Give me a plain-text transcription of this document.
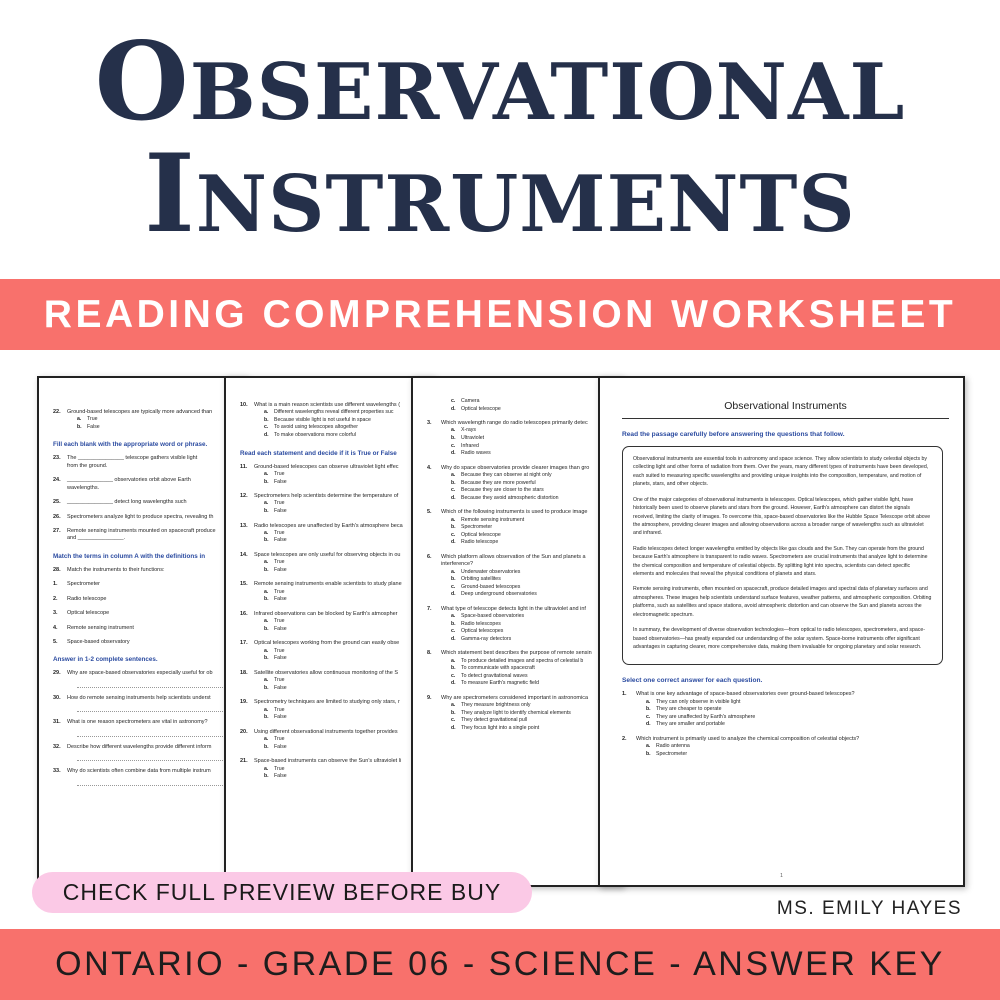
OBSERVATIONAL
INSTRUMENTS
READING COMPREHENSION WORKSHEET
22. Ground-based telescopes are typically more advanced than
a. True
b. False
Fill each blank with the appropriate word or phrase.
23. The _______________ telescope gathers visible light
from the ground.
24. _______________ observatories orbit above Earth
wavelengths.
25. _______________ detect long wavelengths such
26. Spectrometers analyze light to produce spectra, revealing th
27. Remote sensing instruments mounted on spacecraft produce
and _______________.
Match the terms in column A with the definitions in
28. Match the instruments to their functions:
1. Spectrometer
2. Radio telescope
3. Optical telescope
4. Remote sensing instrument
5. Space-based observatory
Answer in 1-2 complete sentences.
29. Why are space-based observatories especially useful for ob
30. How do remote sensing instruments help scientists underst
31. What is one reason spectrometers are vital in astronomy?
32. Describe how different wavelengths provide different inform
33. Why do scientists often combine data from multiple instrum
10. What is a main reason scientists use different wavelengths (
a. Different wavelengths reveal different properties suc
b. Because visible light is not useful in space
c. To avoid using telescopes altogether
d. To make observations more colorful
Read each statement and decide if it is True or False
11. Ground-based telescopes can observe ultraviolet light effec
a. True
b. False
12. Spectrometers help scientists determine the temperature of
a. True
b. False
13. Radio telescopes are unaffected by Earth's atmosphere beca
a. True
b. False
14. Space telescopes are only useful for observing objects in ou
a. True
b. False
15. Remote sensing instruments enable scientists to study plane
a. True
b. False
16. Infrared observations can be blocked by Earth's atmospher
a. True
b. False
17. Optical telescopes working from the ground can easily obse
a. True
b. False
18. Satellite observatories allow continuous monitoring of the S
a. True
b. False
19. Spectrometry techniques are limited to studying only stars, r
a. True
b. False
20. Using different observational instruments together provides
a. True
b. False
21. Space-based instruments can observe the Sun's ultraviolet li
a. True
b. False
c. Camera
d. Optical telescope
3. Which wavelength range do radio telescopes primarily detec
a. X-rays
b. Ultraviolet
c. Infrared
d. Radio waves
4. Why do space observatories provide clearer images than gro
a. Because they can observe at night only
b. Because they are more powerful
c. Because they are closer to the stars
d. Because they avoid atmospheric distortion
5. Which of the following instruments is used to produce image
a. Remote sensing instrument
b. Spectrometer
c. Optical telescope
d. Radio telescope
6. Which platform allows observation of the Sun and planets a
interference?
a. Underwater observatories
b. Orbiting satellites
c. Ground-based telescopes
d. Deep underground observatories
7. What type of telescope detects light in the ultraviolet and inf
a. Space-based observatories
b. Radio telescopes
c. Optical telescopes
d. Gamma-ray detectors
8. Which statement best describes the purpose of remote sensin
a. To produce detailed images and spectra of celestial b
b. To communicate with spacecraft
c. To detect gravitational waves
d. To measure Earth's magnetic field
9. Why are spectrometers considered important in astronomica
a. They measure brightness only
b. They analyze light to identify chemical elements
c. They detect gravitational pull
d. They focus light into a single point
Observational Instruments
Read the passage carefully before answering the questions that follow.

Observational instruments are essential tools in astronomy and space science. They allow scientists to study celestial objects by collecting light and other forms of radiation from them. Over the years, many different types of instruments have been developed, each suited to measuring specific wavelengths and providing unique insights into the composition, temperature, and motion of planets, stars, and other objects.

One of the major categories of observational instruments is telescopes. Optical telescopes, which gather visible light, have historically been used to observe planets and stars from the ground. However, Earth's atmosphere can distort the signals received, limiting the clarity of images. To overcome this, space-based observatories like the Hubble Space Telescope orbit above the atmosphere, providing clearer images and allowing observations across a broader range of wavelengths such as ultraviolet and infrared.

Radio telescopes detect longer wavelengths emitted by objects like gas clouds and the Sun. They can operate from the ground because Earth's atmosphere is transparent to radio waves. Spectrometers are crucial instruments that analyze light to determine the chemical composition and temperature of celestial objects. By splitting light into spectra, scientists can detect specific elements and molecules that reveal the physical conditions of planets and stars.

Remote sensing instruments, often mounted on spacecraft, produce detailed images and spectral data of planetary surfaces and atmospheres. These images help scientists understand surface features, weather patterns, and atmospheric composition. Orbiting platforms, such as satellites and space stations, avoid atmospheric distortion and can observe the Sun and planets across the electromagnetic spectrum.

In summary, the development of diverse observation technologies—from optical to radio telescopes, spectrometers, and space-based observatories—has greatly expanded our understanding of the solar system. Space-borne instruments offer significant advantages in capturing clearer, more comprehensive data, making them invaluable for ongoing planetary and solar research.

Select one correct answer for each question.
1. What is one key advantage of space-based observatories over ground-based telescopes?
a. They can only observe in visible light
b. They are cheaper to operate
c. They are unaffected by Earth's atmosphere
d. They are smaller and portable
2. Which instrument is primarily used to analyze the chemical composition of celestial objects?
a. Radio antenna
b. Spectrometer
1
CHECK FULL PREVIEW BEFORE BUY
MS. EMILY HAYES
ONTARIO - GRADE 06 - SCIENCE - ANSWER KEY
